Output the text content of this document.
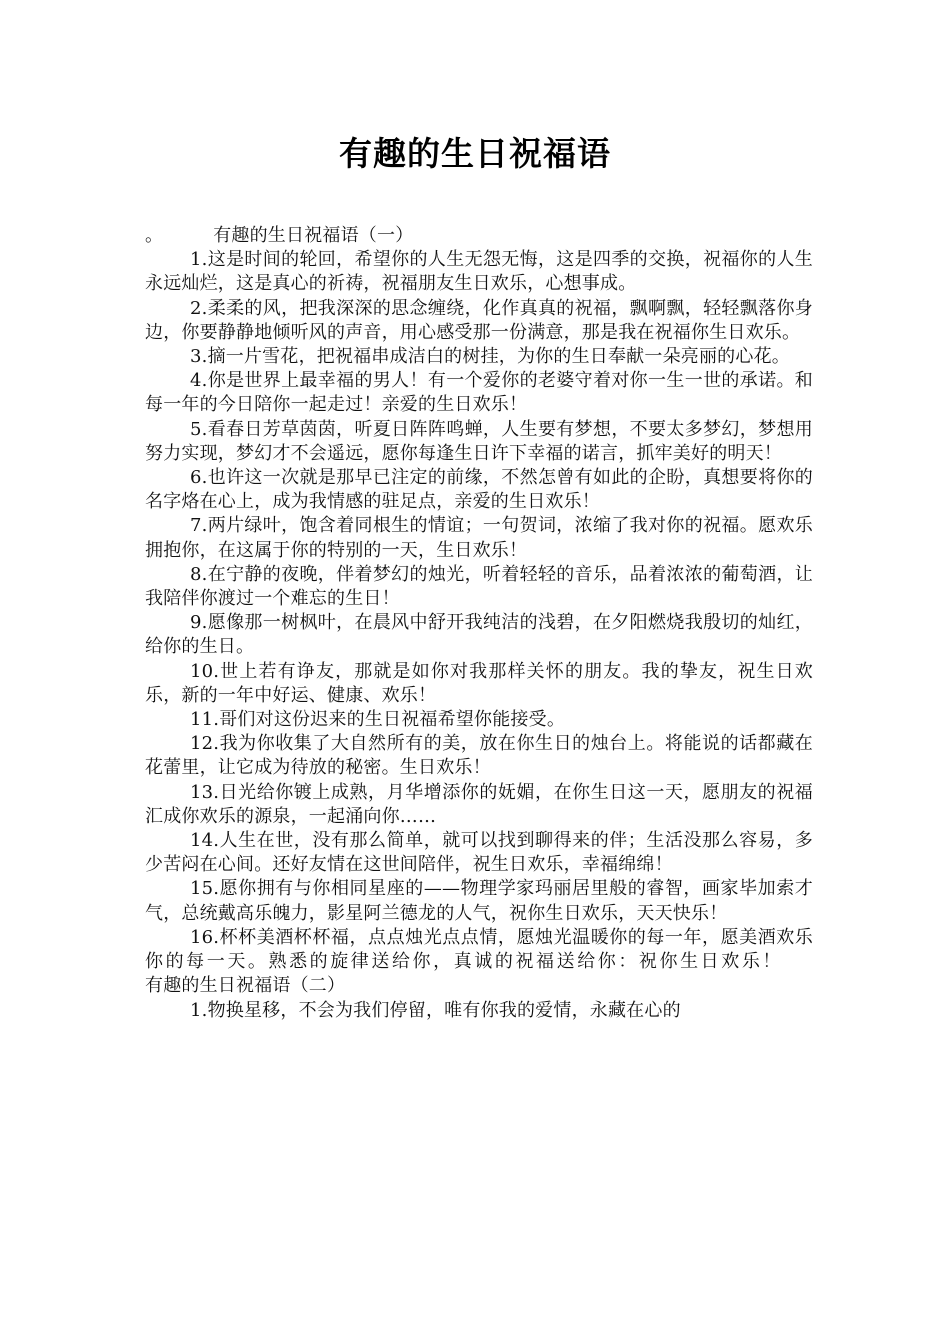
有趣的生日祝福语
。	有趣的生日祝福语（一）

1.这是时间的轮回，希望你的人生无怨无悔，这是四季的交换，祝福你的人生永远灿烂，这是真心的祈祷，祝福朋友生日欢乐，心想事成。

2.柔柔的风，把我深深的思念缠绕，化作真真的祝福，飘啊飘，轻轻飘落你身边，你要静静地倾听风的声音，用心感受那一份满意，那是我在祝福你生日欢乐。

3.摘一片雪花，把祝福串成洁白的树挂，为你的生日奉献一朵亮丽的心花。

4.你是世界上最幸福的男人！有一个爱你的老婆守着对你一生一世的承诺。和每一年的今日陪你一起走过！亲爱的生日欢乐！

5.看春日芳草茵茵，听夏日阵阵鸣蝉，人生要有梦想，不要太多梦幻，梦想用努力实现，梦幻才不会遥远，愿你每逢生日许下幸福的诺言，抓牢美好的明天！

6.也许这一次就是那早已注定的前缘，不然怎曾有如此的企盼，真想要将你的名字烙在心上，成为我情感的驻足点，亲爱的生日欢乐！

7.两片绿叶，饱含着同根生的情谊；一句贺词，浓缩了我对你的祝福。愿欢乐拥抱你，在这属于你的特别的一天，生日欢乐！

8.在宁静的夜晚，伴着梦幻的烛光，听着轻轻的音乐，品着浓浓的葡萄酒，让我陪伴你渡过一个难忘的生日！

9.愿像那一树枫叶，在晨风中舒开我纯洁的浅碧，在夕阳燃烧我殷切的灿红，给你的生日。

10.世上若有诤友，那就是如你对我那样关怀的朋友。我的挚友，祝生日欢乐，新的一年中好运、健康、欢乐！

11.哥们对这份迟来的生日祝福希望你能接受。

12.我为你收集了大自然所有的美，放在你生日的烛台上。将能说的话都藏在花蕾里，让它成为待放的秘密。生日欢乐！

13.日光给你镀上成熟，月华增添你的妩媚，在你生日这一天，愿朋友的祝福汇成你欢乐的源泉，一起涌向你……

14.人生在世，没有那么简单，就可以找到聊得来的伴；生活没那么容易，多少苦闷在心间。还好友情在这世间陪伴，祝生日欢乐，幸福绵绵！

15.愿你拥有与你相同星座的——物理学家玛丽居里般的睿智，画家毕加索才气，总统戴高乐魄力，影星阿兰德龙的人气，祝你生日欢乐，天天快乐！

16.杯杯美酒杯杯福，点点烛光点点情，愿烛光温暖你的每一年，愿美酒欢乐你的每一天。熟悉的旋律送给你，真诚的祝福送给你：祝你生日欢乐！有趣的生日祝福语（二）

1.物换星移，不会为我们停留，唯有你我的爱情，永藏在心的
